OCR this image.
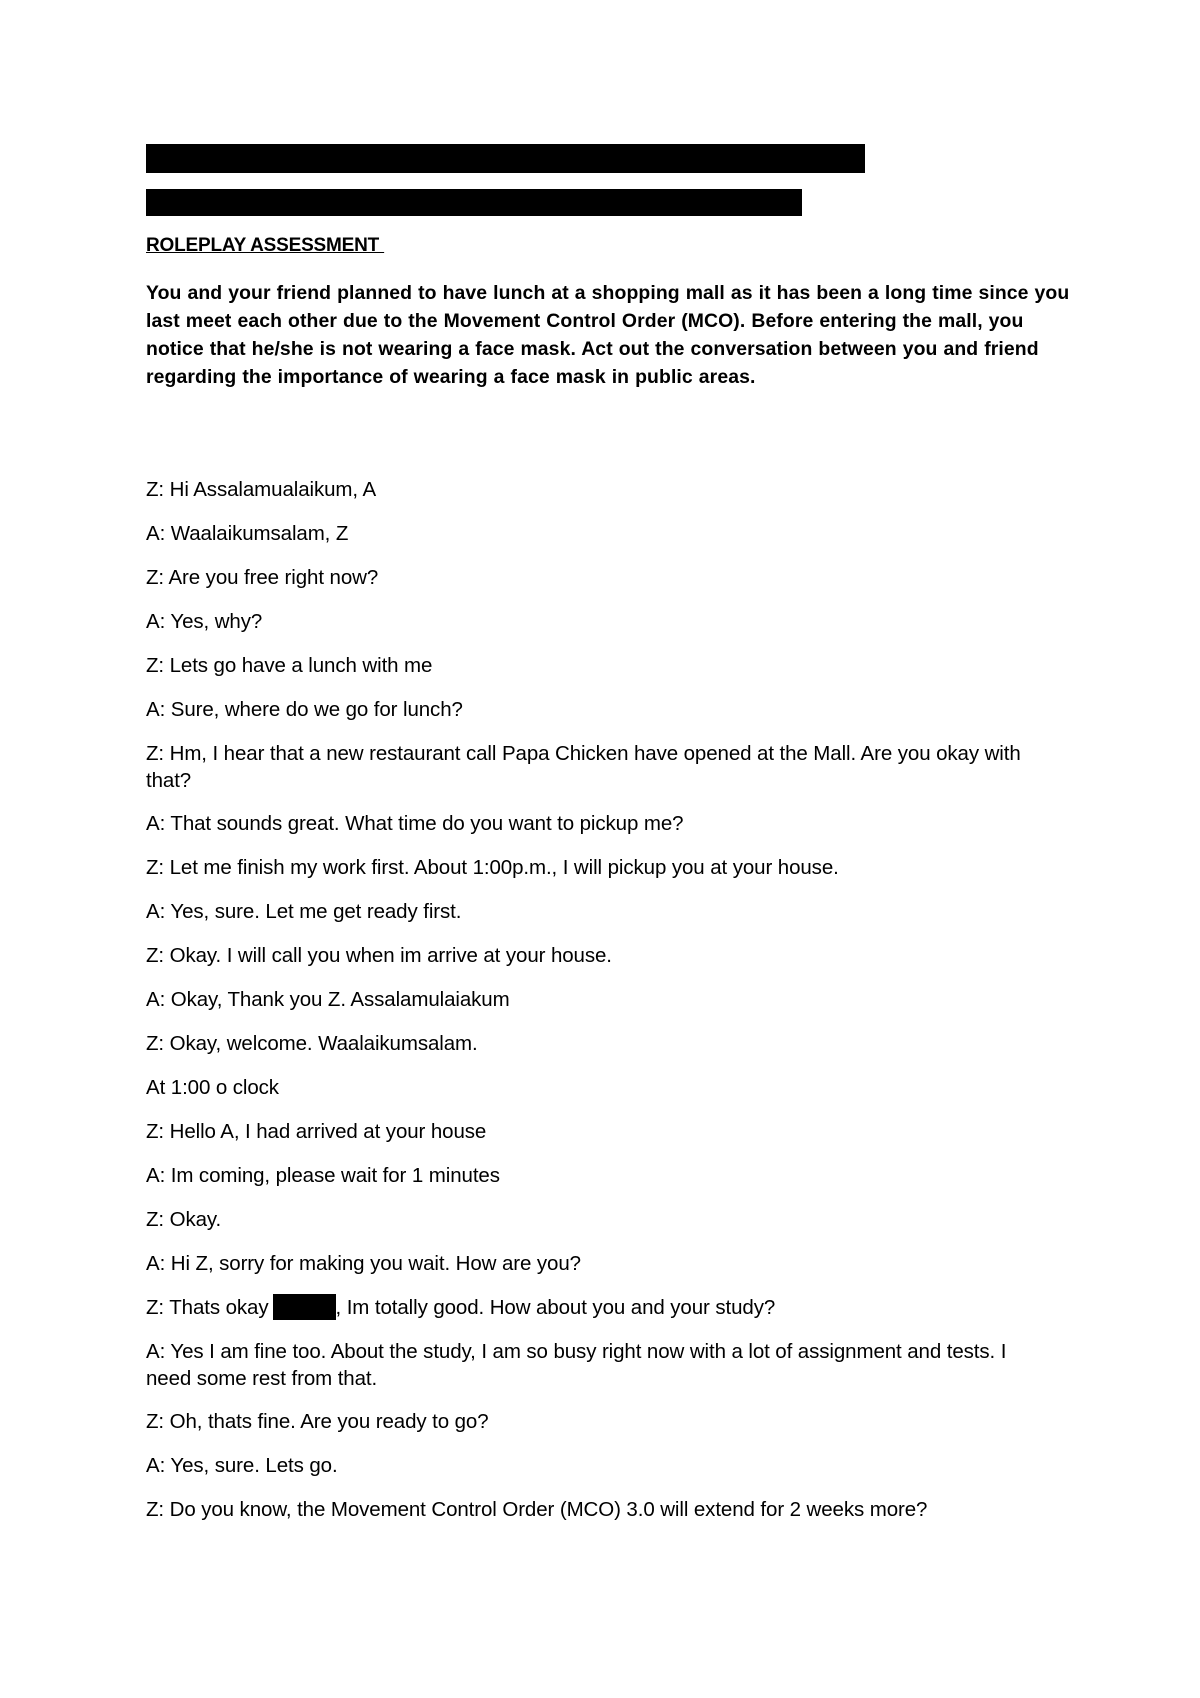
ROLEPLAY ASSESSMENT
You and your friend planned to have lunch at a shopping mall as it has been a long time since you last meet each other due to the Movement Control Order (MCO). Before entering the mall, you notice that he/she is not wearing a face mask. Act out the conversation between you and friend regarding the importance of wearing a face mask in public areas.
Z: Hi Assalamualaikum, A
A: Waalaikumsalam, Z
Z: Are you free right now?
A: Yes, why?
Z: Lets go have a lunch with me
A: Sure, where do we go for lunch?
Z: Hm, I hear that a new restaurant call Papa Chicken have opened at the Mall. Are you okay with that?
A: That sounds great. What time do you want to pickup me?
Z: Let me finish my work first. About 1:00p.m., I will pickup you at your house.
A: Yes, sure. Let me get ready first.
Z: Okay. I will call you when im arrive at your house.
A: Okay, Thank you Z. Assalamulaiakum
Z: Okay, welcome. Waalaikumsalam.
At 1:00 o clock
Z: Hello A, I had arrived at your house
A: Im coming, please wait for 1 minutes
Z: Okay.
A: Hi Z, sorry for making you wait. How are you?
Z: Thats okay	, Im totally good. How about you and your study?
A: Yes I am fine too. About the study, I am so busy right now with a lot of assignment and tests. I need some rest from that.
Z: Oh, thats fine. Are you ready to go?
A: Yes, sure. Lets go.
Z: Do you know, the Movement Control Order (MCO) 3.0 will extend for 2 weeks more?
